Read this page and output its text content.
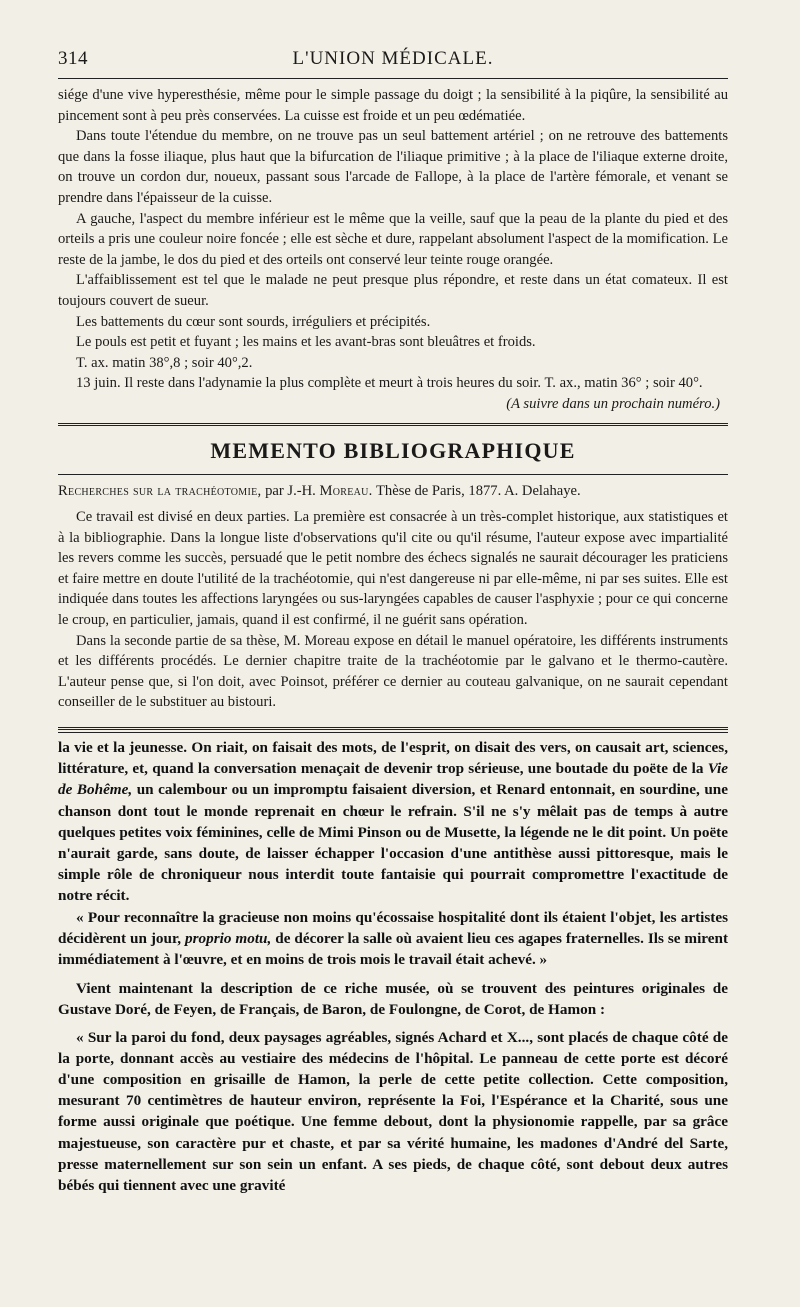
314	L'UNION MÉDICALE.

siége d'une vive hyperesthésie, même pour le simple passage du doigt ; la sensibilité à la piqûre, la sensibilité au pincement sont à peu près conservées. La cuisse est froide et un peu œdématiée.

Dans toute l'étendue du membre, on ne trouve pas un seul battement artériel ; on ne retrouve des battements que dans la fosse iliaque, plus haut que la bifurcation de l'iliaque primitive ; à la place de l'iliaque externe droite, on trouve un cordon dur, noueux, passant sous l'arcade de Fallope, à la place de l'artère fémorale, et venant se prendre dans l'épaisseur de la cuisse.

A gauche, l'aspect du membre inférieur est le même que la veille, sauf que la peau de la plante du pied et des orteils a pris une couleur noire foncée ; elle est sèche et dure, rappelant absolument l'aspect de la momification. Le reste de la jambe, le dos du pied et des orteils ont conservé leur teinte rouge orangée.

L'affaiblissement est tel que le malade ne peut presque plus répondre, et reste dans un état comateux. Il est toujours couvert de sueur.

Les battements du cœur sont sourds, irréguliers et précipités.

Le pouls est petit et fuyant ; les mains et les avant-bras sont bleuâtres et froids.

T. ax. matin 38°,8 ; soir 40°,2.

13 juin. Il reste dans l'adynamie la plus complète et meurt à trois heures du soir. T. ax., matin 36° ; soir 40°.

(A suivre dans un prochain numéro.)
MEMENTO BIBLIOGRAPHIQUE
Recherches sur la trachéotomie, par J.-H. Moreau. Thèse de Paris, 1877. A. Delahaye.

Ce travail est divisé en deux parties. La première est consacrée à un très-complet historique, aux statistiques et à la bibliographie. Dans la longue liste d'observations qu'il cite ou qu'il résume, l'auteur expose avec impartialité les revers comme les succès, persuadé que le petit nombre des échecs signalés ne saurait décourager les praticiens et faire mettre en doute l'utilité de la trachéotomie, qui n'est dangereuse ni par elle-même, ni par ses suites. Elle est indiquée dans toutes les affections laryngées ou sus-laryngées capables de causer l'asphyxie ; pour ce qui concerne le croup, en particulier, jamais, quand il est confirmé, il ne guérit sans opération.

Dans la seconde partie de sa thèse, M. Moreau expose en détail le manuel opératoire, les différents instruments et les différents procédés. Le dernier chapitre traite de la trachéotomie par le galvano et le thermo-cautère. L'auteur pense que, si l'on doit, avec Poinsot, préférer ce dernier au couteau galvanique, on ne saurait cependant conseiller de le substituer au bistouri.

la vie et la jeunesse. On riait, on faisait des mots, de l'esprit, on disait des vers, on causait art, sciences, littérature, et, quand la conversation menaçait de devenir trop sérieuse, une boutade du poëte de la Vie de Bohême, un calembour ou un impromptu faisaient diversion, et Renard entonnait, en sourdine, une chanson dont tout le monde reprenait en chœur le refrain. S'il ne s'y mêlait pas de temps à autre quelques petites voix féminines, celle de Mimi Pinson ou de Musette, la légende ne le dit point. Un poëte n'aurait garde, sans doute, de laisser échapper l'occasion d'une antithèse aussi pittoresque, mais le simple rôle de chroniqueur nous interdit toute fantaisie qui pourrait compromettre l'exactitude de notre récit.

« Pour reconnaître la gracieuse non moins qu'écossaise hospitalité dont ils étaient l'objet, les artistes décidèrent un jour, proprio motu, de décorer la salle où avaient lieu ces agapes fraternelles. Ils se mirent immédiatement à l'œuvre, et en moins de trois mois le travail était achevé. »

Vient maintenant la description de ce riche musée, où se trouvent des peintures originales de Gustave Doré, de Feyen, de Français, de Baron, de Foulongne, de Corot, de Hamon :

« Sur la paroi du fond, deux paysages agréables, signés Achard et X..., sont placés de chaque côté de la porte, donnant accès au vestiaire des médecins de l'hôpital. Le panneau de cette porte est décoré d'une composition en grisaille de Hamon, la perle de cette petite collection. Cette composition, mesurant 70 centimètres de hauteur environ, représente la Foi, l'Espérance et la Charité, sous une forme aussi originale que poétique. Une femme debout, dont la physionomie rappelle, par sa grâce majestueuse, son caractère pur et chaste, et par sa vérité humaine, les madones d'André del Sarte, presse maternellement sur son sein un enfant. A ses pieds, de chaque côté, sont debout deux autres bébés qui tiennent avec une gravité
